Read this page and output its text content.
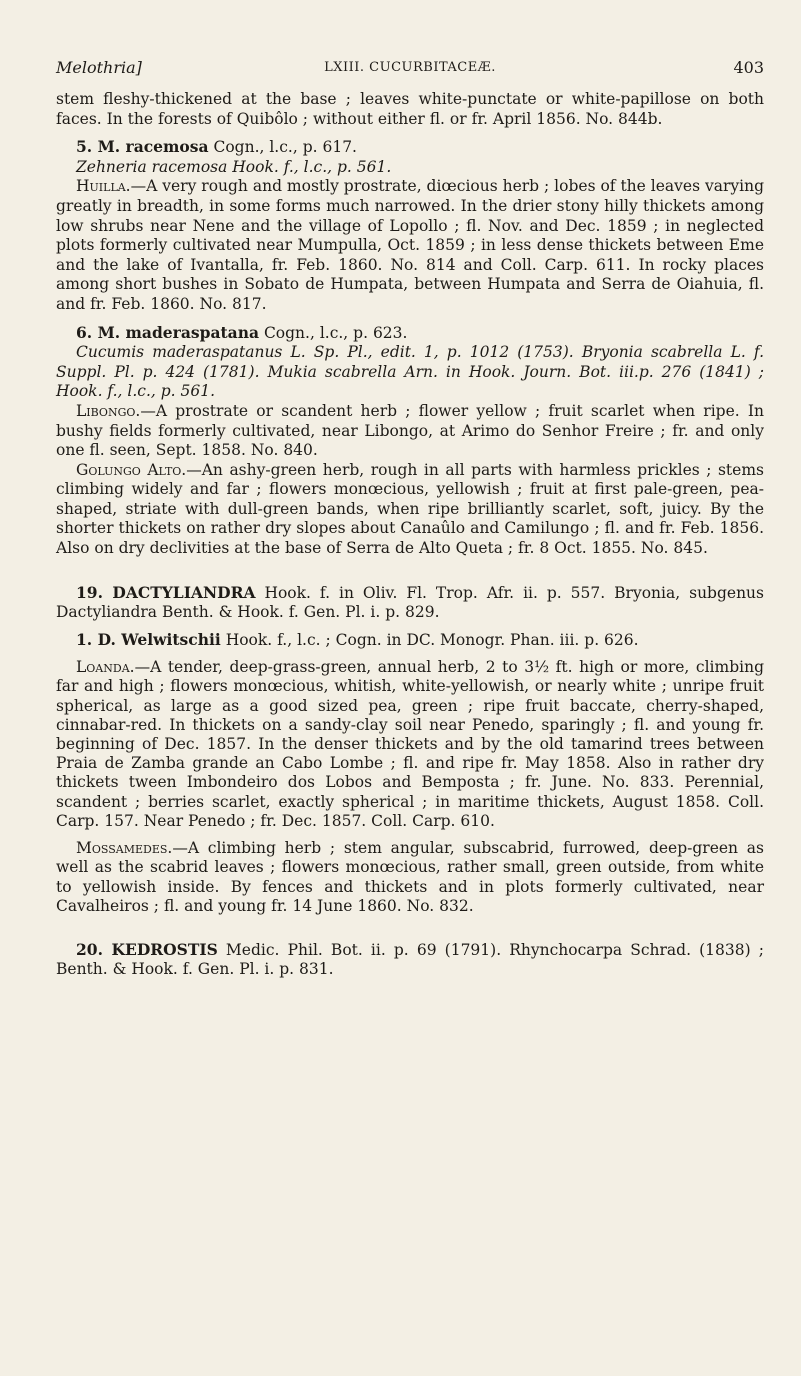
Melothria]	LXIII. CUCURBITACEÆ.	403

stem fleshy-thickened at the base ; leaves white-punctate or white-papillose on both faces. In the forests of Quibôlo ; without either fl. or fr. April 1856. No. 844b.

5. M. racemosa Cogn., l.c., p. 617.

Zehneria racemosa Hook. f., l.c., p. 561.

Huilla.—A very rough and mostly prostrate, diœcious herb ; lobes of the leaves varying greatly in breadth, in some forms much narrowed. In the drier stony hilly thickets among low shrubs near Nene and the village of Lopollo ; fl. Nov. and Dec. 1859 ; in neglected plots formerly cultivated near Mumpulla, Oct. 1859 ; in less dense thickets between Eme and the lake of Ivantalla, fr. Feb. 1860. No. 814 and Coll. Carp. 611. In rocky places among short bushes in Sobato de Humpata, between Humpata and Serra de Oiahuia, fl. and fr. Feb. 1860. No. 817.

6. M. maderaspatana Cogn., l.c., p. 623.

Cucumis maderaspatanus L. Sp. Pl., edit. 1, p. 1012 (1753). Bryonia scabrella L. f. Suppl. Pl. p. 424 (1781). Mukia scabrella Arn. in Hook. Journ. Bot. iii.p. 276 (1841) ; Hook. f., l.c., p. 561.

Libongo.—A prostrate or scandent herb ; flower yellow ; fruit scarlet when ripe. In bushy fields formerly cultivated, near Libongo, at Arimo do Senhor Freire ; fr. and only one fl. seen, Sept. 1858. No. 840.

Golungo Alto.—An ashy-green herb, rough in all parts with harmless prickles ; stems climbing widely and far ; flowers monœcious, yellowish ; fruit at first pale-green, pea-shaped, striate with dull-green bands, when ripe brilliantly scarlet, soft, juicy. By the shorter thickets on rather dry slopes about Canaûlo and Camilungo ; fl. and fr. Feb. 1856. Also on dry declivities at the base of Serra de Alto Queta ; fr. 8 Oct. 1855. No. 845.

19. DACTYLIANDRA Hook. f. in Oliv. Fl. Trop. Afr. ii. p. 557. Bryonia, subgenus Dactyliandra Benth. & Hook. f. Gen. Pl. i. p. 829.

1. D. Welwitschii Hook. f., l.c. ; Cogn. in DC. Monogr. Phan. iii. p. 626.

Loanda.—A tender, deep-grass-green, annual herb, 2 to 3½ ft. high or more, climbing far and high ; flowers monœcious, whitish, white-yellowish, or nearly white ; unripe fruit spherical, as large as a good sized pea, green ; ripe fruit baccate, cherry-shaped, cinnabar-red. In thickets on a sandy-clay soil near Penedo, sparingly ; fl. and young fr. beginning of Dec. 1857. In the denser thickets and by the old tamarind trees between Praia de Zamba grande an Cabo Lombe ; fl. and ripe fr. May 1858. Also in rather dry thickets tween Imbondeiro dos Lobos and Bemposta ; fr. June. No. 833. Perennial, scandent ; berries scarlet, exactly spherical ; in maritime thickets, August 1858. Coll. Carp. 157. Near Penedo ; fr. Dec. 1857. Coll. Carp. 610.

Mossamedes.—A climbing herb ; stem angular, subscabrid, furrowed, deep-green as well as the scabrid leaves ; flowers monœcious, rather small, green outside, from white to yellowish inside. By fences and thickets and in plots formerly cultivated, near Cavalheiros ; fl. and young fr. 14 June 1860. No. 832.

20. KEDROSTIS Medic. Phil. Bot. ii. p. 69 (1791). Rhynchocarpa Schrad. (1838) ; Benth. & Hook. f. Gen. Pl. i. p. 831.
